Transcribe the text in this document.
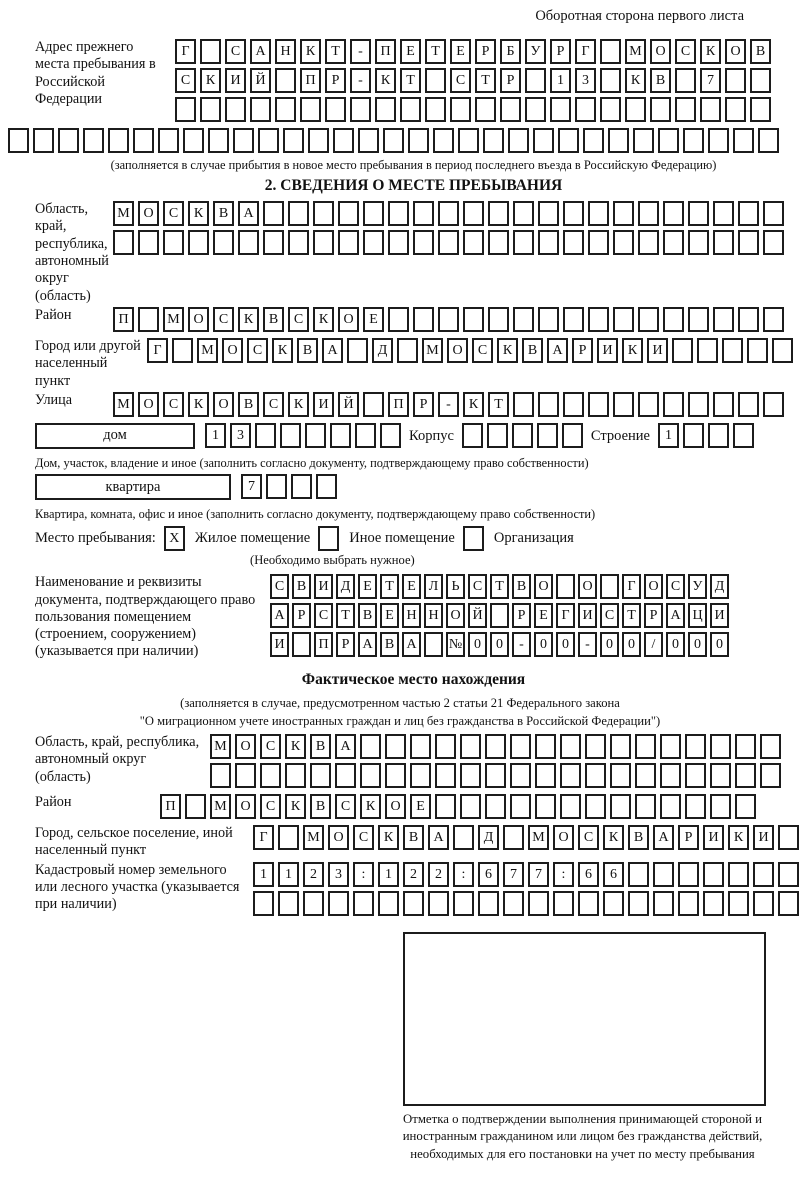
Оборотная сторона первого листа
Адрес прежнего места пребывания в Российской Федерации
Г	С А Н К Т - П Е Т Е Р Б У Р Г	М О С К О В
С К И Й	П Р - К Т	С Т Р	1 3	К В	7
(заполняется в случае прибытия в новое место пребывания в период последнего въезда в Российскую Федерацию)
2. СВЕДЕНИЯ О МЕСТЕ ПРЕБЫВАНИЯ
Область, край, республика, автономный округ (область)
М О С К В А
Район	П	М О С К В С К О Е
Город или другой населенный пункт
Г	М О С К В А	Д	М О С К В А Р И К И
Улица	М О С К О В С К И Й	П Р - К Т
дом	1 3	Корпус	Строение	1
Дом, участок, владение и иное (заполнить согласно документу, подтверждающему право собственности)
квартира	7
Квартира, комната, офис и иное (заполнить согласно документу, подтверждающему право собственности)
Место пребывания: X	Жилое помещение	Иное помещение	Организация
(Необходимо выбрать нужное)
Наименование и реквизиты документа, подтверждающего право пользования помещением (строением, сооружением) (указывается при наличии)
С В И Д Е Т Е Л Ь С Т В О О Г О С У Д
А Р С Т В Е Н Н О Й	Р Е Г И С Т Р А Ц И
И П Р А В А № 0 0 - 0 0 - 0 0 / 0 0 0
Фактическое место нахождения
(заполняется в случае, предусмотренном частью 2 статьи 21 Федерального закона
"О миграционном учете иностранных граждан и лиц без гражданства в Российской Федерации")
Область, край, республика, автономный округ (область)
М О С К В А
Район	П	М О С К В С К О Е
Город, сельское поселение, иной населенный пункт
Г	М О С К В А	Д	М О С К В А Р И К И
Кадастровый номер земельного или лесного участка (указывается при наличии)
1 1 2 3 : 1 2 2 : 6 7 7 : 6 6
Отметка о подтверждении выполнения принимающей стороной и иностранным гражданином или лицом без гражданства действий, необходимых для его постановки на учет по месту пребывания
